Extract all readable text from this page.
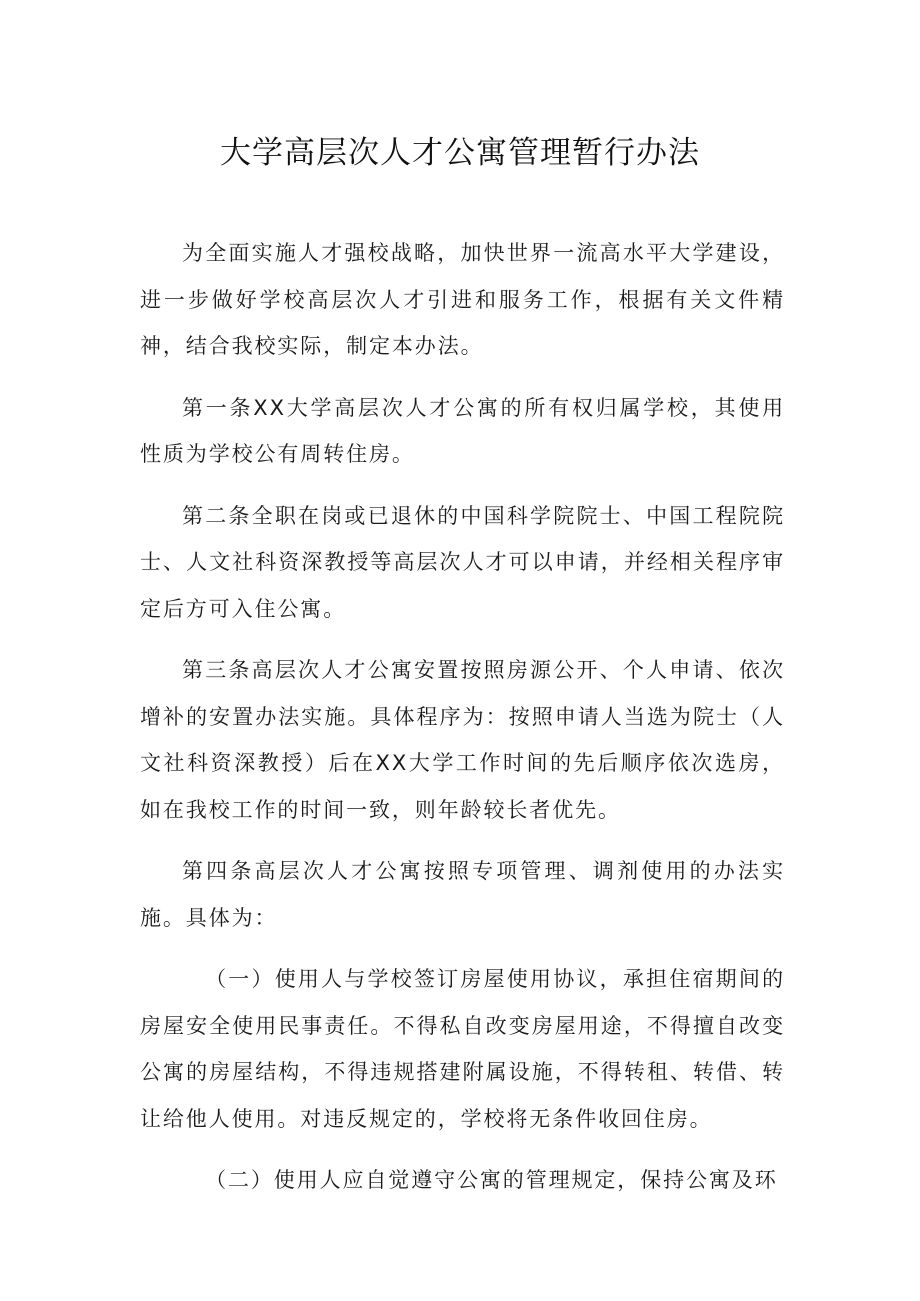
大学高层次人才公寓管理暂行办法

为全面实施人才强校战略，加快世界一流高水平大学建设，进一步做好学校高层次人才引进和服务工作，根据有关文件精神，结合我校实际，制定本办法。

第一条XX大学高层次人才公寓的所有权归属学校，其使用性质为学校公有周转住房。

第二条全职在岗或已退休的中国科学院院士、中国工程院院士、人文社科资深教授等高层次人才可以申请，并经相关程序审定后方可入住公寓。

第三条高层次人才公寓安置按照房源公开、个人申请、依次增补的安置办法实施。具体程序为：按照申请人当选为院士（人文社科资深教授）后在XX大学工作时间的先后顺序依次选房，如在我校工作的时间一致，则年龄较长者优先。

第四条高层次人才公寓按照专项管理、调剂使用的办法实施。具体为：

（一）使用人与学校签订房屋使用协议，承担住宿期间的房屋安全使用民事责任。不得私自改变房屋用途，不得擅自改变公寓的房屋结构，不得违规搭建附属设施，不得转租、转借、转让给他人使用。对违反规定的，学校将无条件收回住房。

（二）使用人应自觉遵守公寓的管理规定，保持公寓及环
